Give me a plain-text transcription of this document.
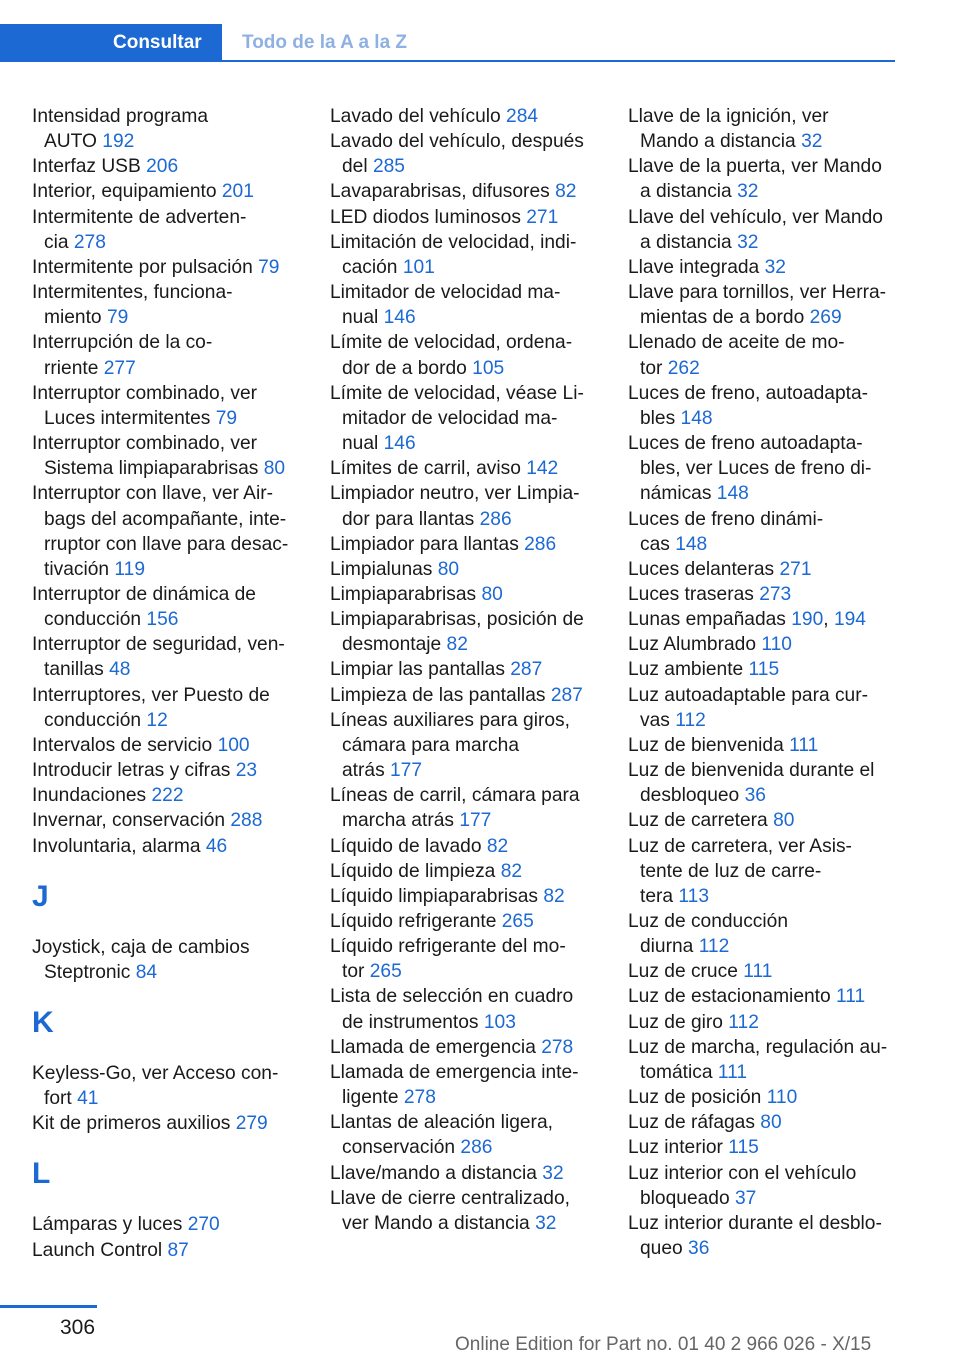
Consultar	Todo de la A a la Z

Intensidad programa
AUTO 192

Interfaz USB 206

Interior, equipamiento 201

Intermitente de adverten-
cia 278

Intermitente por pulsación 79

Intermitentes, funciona-
miento 79

Interrupción de la co-
rriente 277

Interruptor combinado, ver
Luces intermitentes 79

Interruptor combinado, ver
Sistema limpiaparabrisas 80

Interruptor con llave, ver Air-
bags del acompañante, inte-
rruptor con llave para desac-
tivación 119

Interruptor de dinámica de
conducción 156

Interruptor de seguridad, ven-
tanillas 48

Interruptores, ver Puesto de
conducción 12

Intervalos de servicio 100

Introducir letras y cifras 23

Inundaciones 222

Invernar, conservación 288

Involuntaria, alarma 46

J

Joystick, caja de cambios
Steptronic 84

K

Keyless-Go, ver Acceso con-
fort 41

Kit de primeros auxilios 279

L

Lámparas y luces 270

Launch Control 87

Lavado del vehículo 284

Lavado del vehículo, después
del 285

Lavaparabrisas, difusores 82

LED diodos luminosos 271

Limitación de velocidad, indi-
cación 101

Limitador de velocidad ma-
nual 146

Límite de velocidad, ordena-
dor de a bordo 105

Límite de velocidad, véase Li-
mitador de velocidad ma-
nual 146

Límites de carril, aviso 142

Limpiador neutro, ver Limpia-
dor para llantas 286

Limpiador para llantas 286

Limpialunas 80

Limpiaparabrisas 80

Limpiaparabrisas, posición de
desmontaje 82

Limpiar las pantallas 287

Limpieza de las pantallas 287

Líneas auxiliares para giros,
cámara para marcha
atrás 177

Líneas de carril, cámara para
marcha atrás 177

Líquido de lavado 82

Líquido de limpieza 82

Líquido limpiaparabrisas 82

Líquido refrigerante 265

Líquido refrigerante del mo-
tor 265

Lista de selección en cuadro
de instrumentos 103

Llamada de emergencia 278

Llamada de emergencia inte-
ligente 278

Llantas de aleación ligera,
conservación 286

Llave/mando a distancia 32

Llave de cierre centralizado,
ver Mando a distancia 32

Llave de la ignición, ver
Mando a distancia 32

Llave de la puerta, ver Mando
a distancia 32

Llave del vehículo, ver Mando
a distancia 32

Llave integrada 32

Llave para tornillos, ver Herra-
mientas de a bordo 269

Llenado de aceite de mo-
tor 262

Luces de freno, autoadapta-
bles 148

Luces de freno autoadapta-
bles, ver Luces de freno di-
námicas 148

Luces de freno dinámi-
cas 148

Luces delanteras 271

Luces traseras 273

Lunas empañadas 190, 194

Luz Alumbrado 110

Luz ambiente 115

Luz autoadaptable para cur-
vas 112

Luz de bienvenida 111

Luz de bienvenida durante el
desbloqueo 36

Luz de carretera 80

Luz de carretera, ver Asis-
tente de luz de carre-
tera 113

Luz de conducción
diurna 112

Luz de cruce 111

Luz de estacionamiento 111

Luz de giro 112

Luz de marcha, regulación au-
tomática 111

Luz de posición 110

Luz de ráfagas 80

Luz interior 115

Luz interior con el vehículo
bloqueado 37

Luz interior durante el desblo-
queo 36

306
Online Edition for Part no. 01 40 2 966 026 - X/15
